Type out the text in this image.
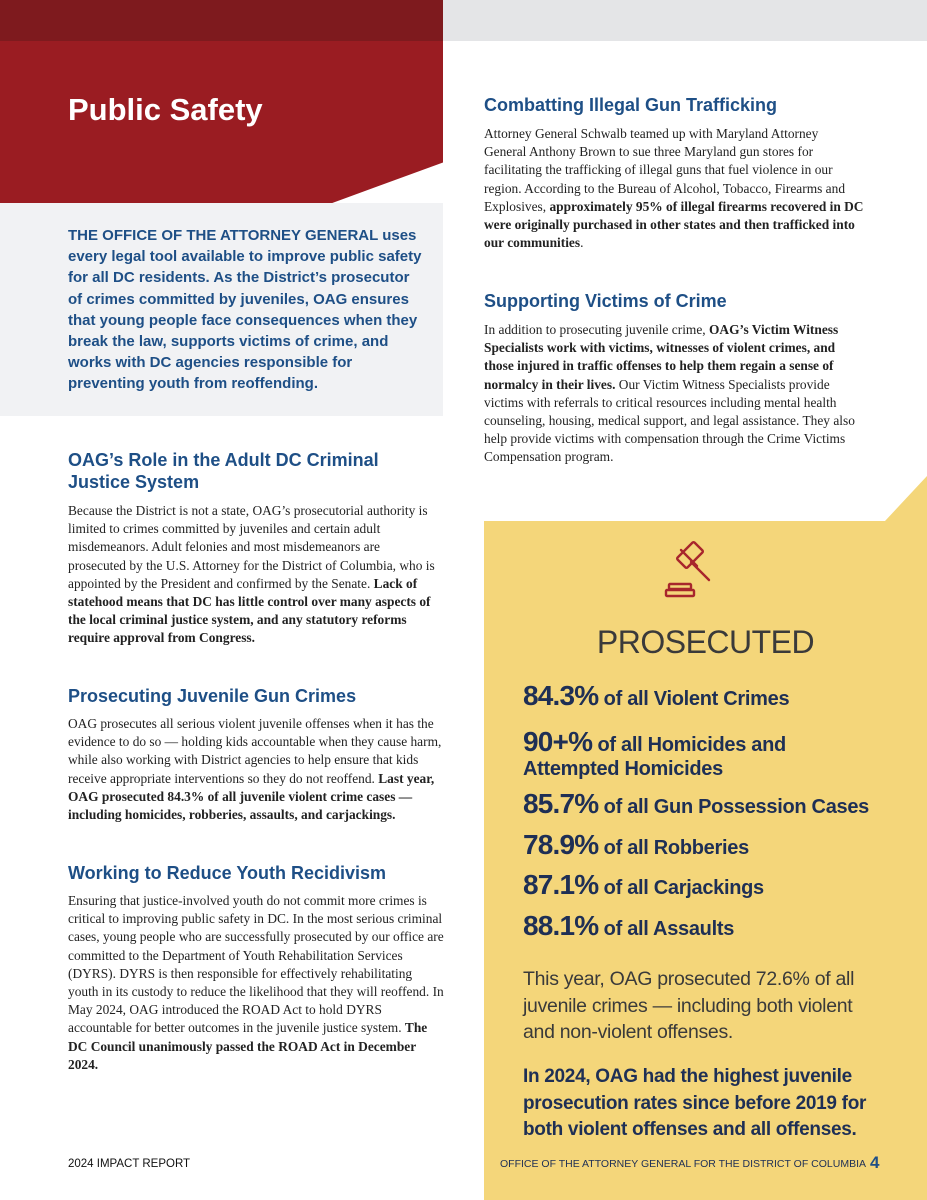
Public Safety

THE OFFICE OF THE ATTORNEY GENERAL uses every legal tool available to improve public safety for all DC residents. As the District’s prosecutor of crimes committed by juveniles, OAG ensures that young people face consequences when they break the law, supports victims of crime, and works with DC agencies responsible for preventing youth from reoffending.

OAG’s Role in the Adult DC Criminal Justice System

Because the District is not a state, OAG’s prosecutorial authority is limited to crimes committed by juveniles and certain adult misdemeanors. Adult felonies and most misdemeanors are prosecuted by the U.S. Attorney for the District of Columbia, who is appointed by the President and confirmed by the Senate. Lack of statehood means that DC has little control over many aspects of the local criminal justice system, and any statutory reforms require approval from Congress.

Prosecuting Juvenile Gun Crimes

OAG prosecutes all serious violent juvenile offenses when it has the evidence to do so — holding kids accountable when they cause harm, while also working with District agencies to help ensure that kids receive appropriate interventions so they do not reoffend. Last year, OAG prosecuted 84.3% of all juvenile violent crime cases — including homicides, robberies, assaults, and carjackings.

Working to Reduce Youth Recidivism

Ensuring that justice-involved youth do not commit more crimes is critical to improving public safety in DC. In the most serious criminal cases, young people who are successfully prosecuted by our office are committed to the Department of Youth Rehabilitation Services (DYRS). DYRS is then responsible for effectively rehabilitating youth in its custody to reduce the likelihood that they will reoffend. In May 2024, OAG introduced the ROAD Act to hold DYRS accountable for better outcomes in the juvenile justice system. The DC Council unanimously passed the ROAD Act in December 2024.

Combatting Illegal Gun Trafficking

Attorney General Schwalb teamed up with Maryland Attorney General Anthony Brown to sue three Maryland gun stores for facilitating the trafficking of illegal guns that fuel violence in our region. According to the Bureau of Alcohol, Tobacco, Firearms and Explosives, approximately 95% of illegal firearms recovered in DC were originally purchased in other states and then trafficked into our communities.

Supporting Victims of Crime

In addition to prosecuting juvenile crime, OAG’s Victim Witness Specialists work with victims, witnesses of violent crimes, and those injured in traffic offenses to help them regain a sense of normalcy in their lives. Our Victim Witness Specialists provide victims with referrals to critical resources including mental health counseling, housing, medical support, and legal assistance. They also help provide victims with compensation through the Crime Victims Compensation program.

PROSECUTED

84.3% of all Violent Crimes

90+% of all Homicides and Attempted Homicides

85.7% of all Gun Possession Cases

78.9% of all Robberies

87.1% of all Carjackings

88.1% of all Assaults

This year, OAG prosecuted 72.6% of all juvenile crimes — including both violent and non-violent offenses.

In 2024, OAG had the highest juvenile prosecution rates since before 2019 for both violent offenses and all offenses.

2024 IMPACT REPORT	OFFICE OF THE ATTORNEY GENERAL FOR THE DISTRICT OF COLUMBIA 4
